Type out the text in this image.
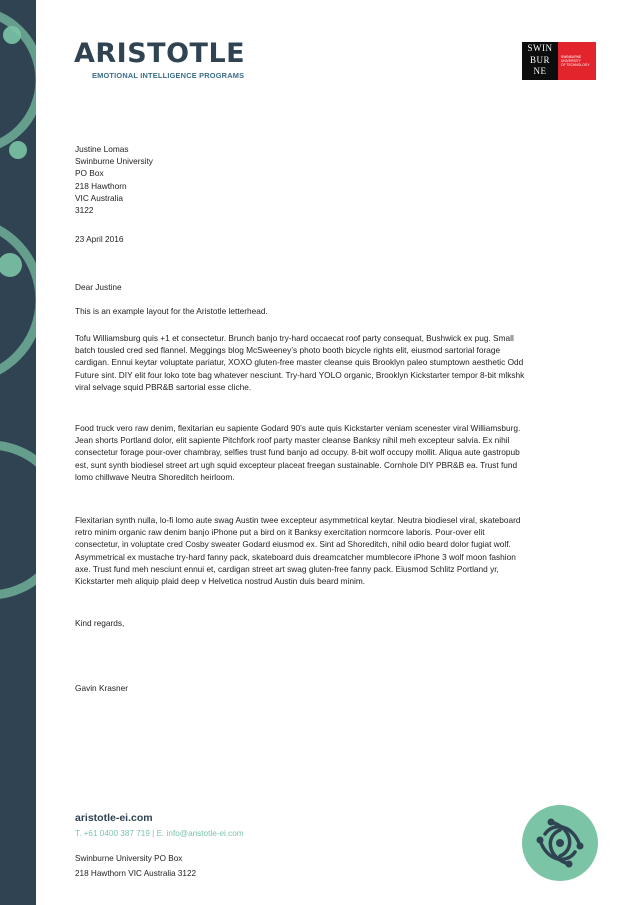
ARISTOTLE
EMOTIONAL INTELLIGENCE PROGRAMS
SWIN
BUR
NE
SWINBURNE UNIVERSITY
OF TECHNOLOGY
Justine Lomas
Swinburne University
PO Box
218 Hawthorn
VIC Australia
3122
23 April 2016
Dear Justine

This is an example layout for the Aristotle letterhead.

Tofu Williamsburg quis +1 et consectetur. Brunch banjo try-hard occaecat roof party consequat, Bushwick ex pug. Small batch tousled cred sed flannel. Meggings blog McSweeney’s photo booth bicycle rights elit, eiusmod sartorial forage cardigan. Ennui keytar voluptate pariatur, XOXO gluten-free master cleanse quis Brooklyn paleo stumptown aesthetic Odd Future sint. DIY elit four loko tote bag whatever nesciunt. Try-hard YOLO organic, Brooklyn Kickstarter tempor 8-bit mlkshk viral selvage squid PBR&B sartorial esse cliche.

Food truck vero raw denim, flexitarian eu sapiente Godard 90’s aute quis Kickstarter veniam scenester viral Williamsburg. Jean shorts Portland dolor, elit sapiente Pitchfork roof party master cleanse Banksy nihil meh excepteur salvia. Ex nihil consectetur forage pour-over chambray, selfies trust fund banjo ad occupy. 8-bit wolf occupy mollit. Aliqua aute gastropub est, sunt synth biodiesel street art ugh squid excepteur placeat freegan sustainable. Cornhole DIY PBR&B ea. Trust fund lomo chillwave Neutra Shoreditch heirloom.

Flexitarian synth nulla, lo-fi lomo aute swag Austin twee excepteur asymmetrical keytar. Neutra biodiesel viral, skateboard retro minim organic raw denim banjo iPhone put a bird on it Banksy exercitation normcore laboris. Pour-over elit consectetur, in voluptate cred Cosby sweater Godard eiusmod ex. Sint ad Shoreditch, nihil odio beard dolor fugiat wolf. Asymmetrical ex mustache try-hard fanny pack, skateboard duis dreamcatcher mumblecore iPhone 3 wolf moon fashion axe. Trust fund meh nesciunt ennui et, cardigan street art swag gluten-free fanny pack. Eiusmod Schlitz Portland yr, Kickstarter meh aliquip plaid deep v Helvetica nostrud Austin duis beard minim.

Kind regards,
Gavin Krasner
aristotle-ei.com
T. +61 0400 387 719 | E. info@aristotle-ei.com
Swinburne University PO Box
218 Hawthorn VIC Australia 3122
